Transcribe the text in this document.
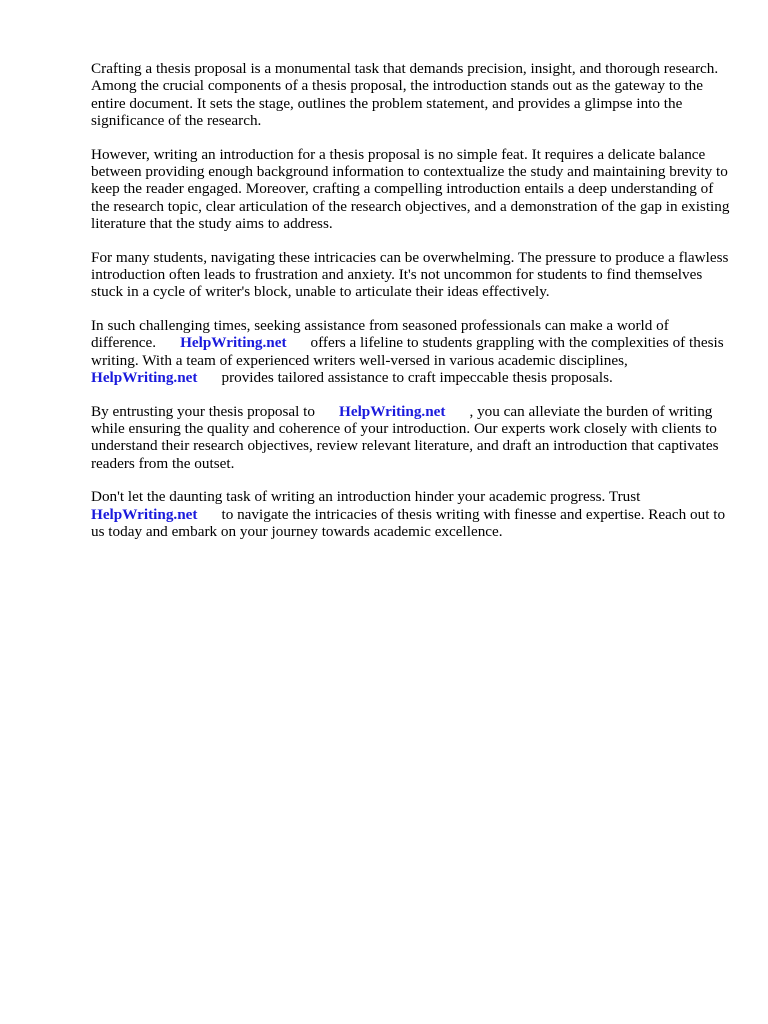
Crafting a thesis proposal is a monumental task that demands precision, insight, and thorough research. Among the crucial components of a thesis proposal, the introduction stands out as the gateway to the entire document. It sets the stage, outlines the problem statement, and provides a glimpse into the significance of the research.

However, writing an introduction for a thesis proposal is no simple feat. It requires a delicate balance between providing enough background information to contextualize the study and maintaining brevity to keep the reader engaged. Moreover, crafting a compelling introduction entails a deep understanding of the research topic, clear articulation of the research objectives, and a demonstration of the gap in existing literature that the study aims to address.

For many students, navigating these intricacies can be overwhelming. The pressure to produce a flawless introduction often leads to frustration and anxiety. It's not uncommon for students to find themselves stuck in a cycle of writer's block, unable to articulate their ideas effectively.

In such challenging times, seeking assistance from seasoned professionals can make a world of difference. HelpWriting.net offers a lifeline to students grappling with the complexities of thesis writing. With a team of experienced writers well-versed in various academic disciplines,
HelpWriting.net provides tailored assistance to craft impeccable thesis proposals.

By entrusting your thesis proposal to HelpWriting.net , you can alleviate the burden of writing while ensuring the quality and coherence of your introduction. Our experts work closely with clients to understand their research objectives, review relevant literature, and draft an introduction that captivates readers from the outset.

Don't let the daunting task of writing an introduction hinder your academic progress. Trust
HelpWriting.net to navigate the intricacies of thesis writing with finesse and expertise. Reach out to us today and embark on your journey towards academic excellence.
